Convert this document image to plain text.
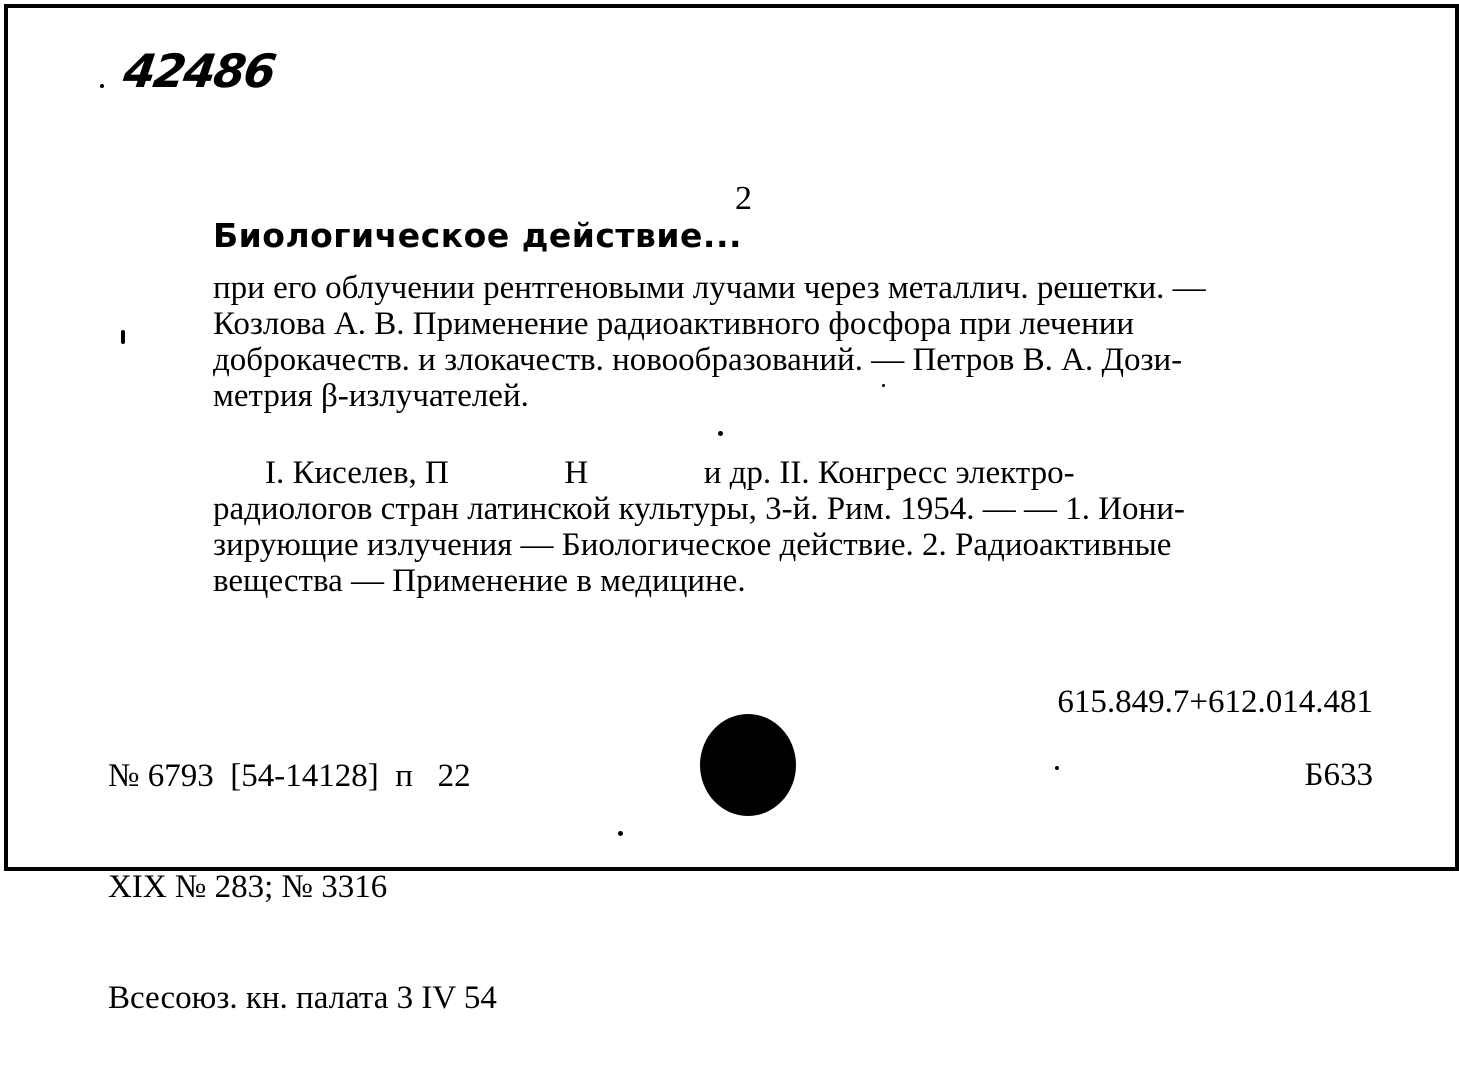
42486
2
Биологическое действие...

при его облучении рентгеновыми лучами через металлич. решетки. —

Козлова А. В. Применение радиоактивного фосфора при лечении

доброкачеств. и злокачеств. новообразований. — Петров В. А. Дози-

метрия β-излучателей.

I. Киселев, П              Н              и др. II. Конгресс электро-

радиологов стран латинской культуры, 3-й. Рим. 1954. — — 1. Иони-

зирующие излучения — Биологическое действие. 2. Радиоактивные

вещества — Применение в медицине.

№ 6793  [54-14128]  п   22

XIX № 283; № 3316

Всесоюз. кн. палата 3 IV 54

615.849.7+612.014.481
Б633
